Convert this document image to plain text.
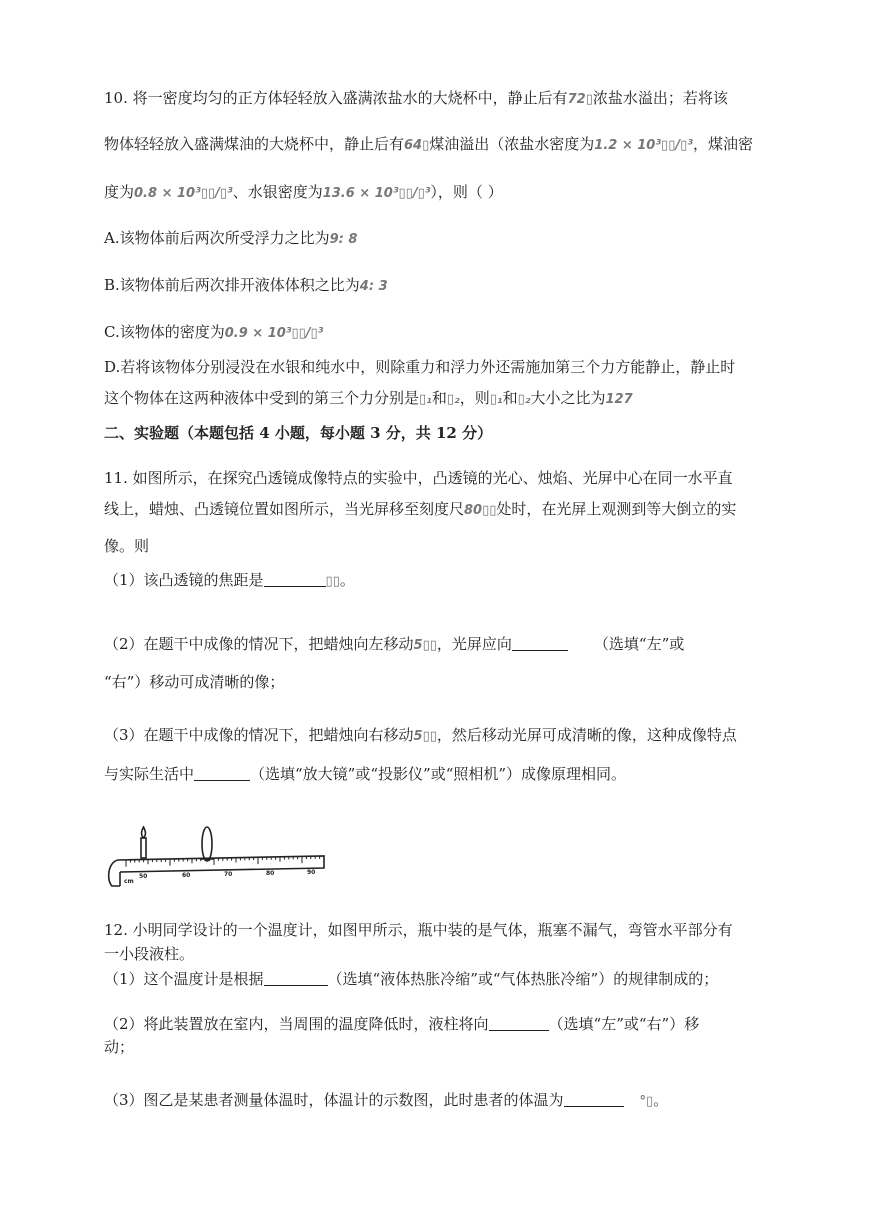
10. 将一密度均匀的正方体轻轻放入盛满浓盐水的大烧杯中，静止后有72▯浓盐水溢出；若将该
物体轻轻放入盛满煤油的大烧杯中，静止后有64▯煤油溢出（浓盐水密度为1.2 × 10³▯▯/▯³，煤油密
度为0.8 × 10³▯▯/▯³、水银密度为13.6 × 10³▯▯/▯³），则（ ）
A.该物体前后两次所受浮力之比为9: 8
B.该物体前后两次排开液体体积之比为4: 3
C.该物体的密度为0.9 × 10³▯▯/▯³
D.若将该物体分别浸没在水银和纯水中，则除重力和浮力外还需施加第三个力方能静止，静止时
这个物体在这两种液体中受到的第三个力分别是▯₁和▯₂，则▯₁和▯₂大小之比为127
二、实验题（本题包括 4 小题，每小题 3 分，共 12 分）
11. 如图所示，在探究凸透镜成像特点的实验中，凸透镜的光心、烛焰、光屏中心在同一水平直
线上，蜡烛、凸透镜位置如图所示，当光屏移至刻度尺80▯▯处时，在光屏上观测到等大倒立的实
像。则
（1）该凸透镜的焦距是	▯▯。
（2）在题干中成像的情况下，把蜡烛向左移动5▯▯，光屏应向	（选填“左”或
“右”）移动可成清晰的像；
（3）在题干中成像的情况下，把蜡烛向右移动5▯▯，然后移动光屏可成清晰的像，这种成像特点
与实际生活中	（选填“放大镜”或“投影仪”或“照相机”）成像原理相同。
cm
50	60	70	80	90
12. 小明同学设计的一个温度计，如图甲所示，瓶中装的是气体，瓶塞不漏气，弯管水平部分有
一小段液柱。
（1）这个温度计是根据	（选填“液体热胀冷缩”或“气体热胀冷缩”）的规律制成的；
（2）将此装置放在室内，当周围的温度降低时，液柱将向	（选填“左”或“右”）移
动；
（3）图乙是某患者测量体温时，体温计的示数图，此时患者的体温为	°▯。
